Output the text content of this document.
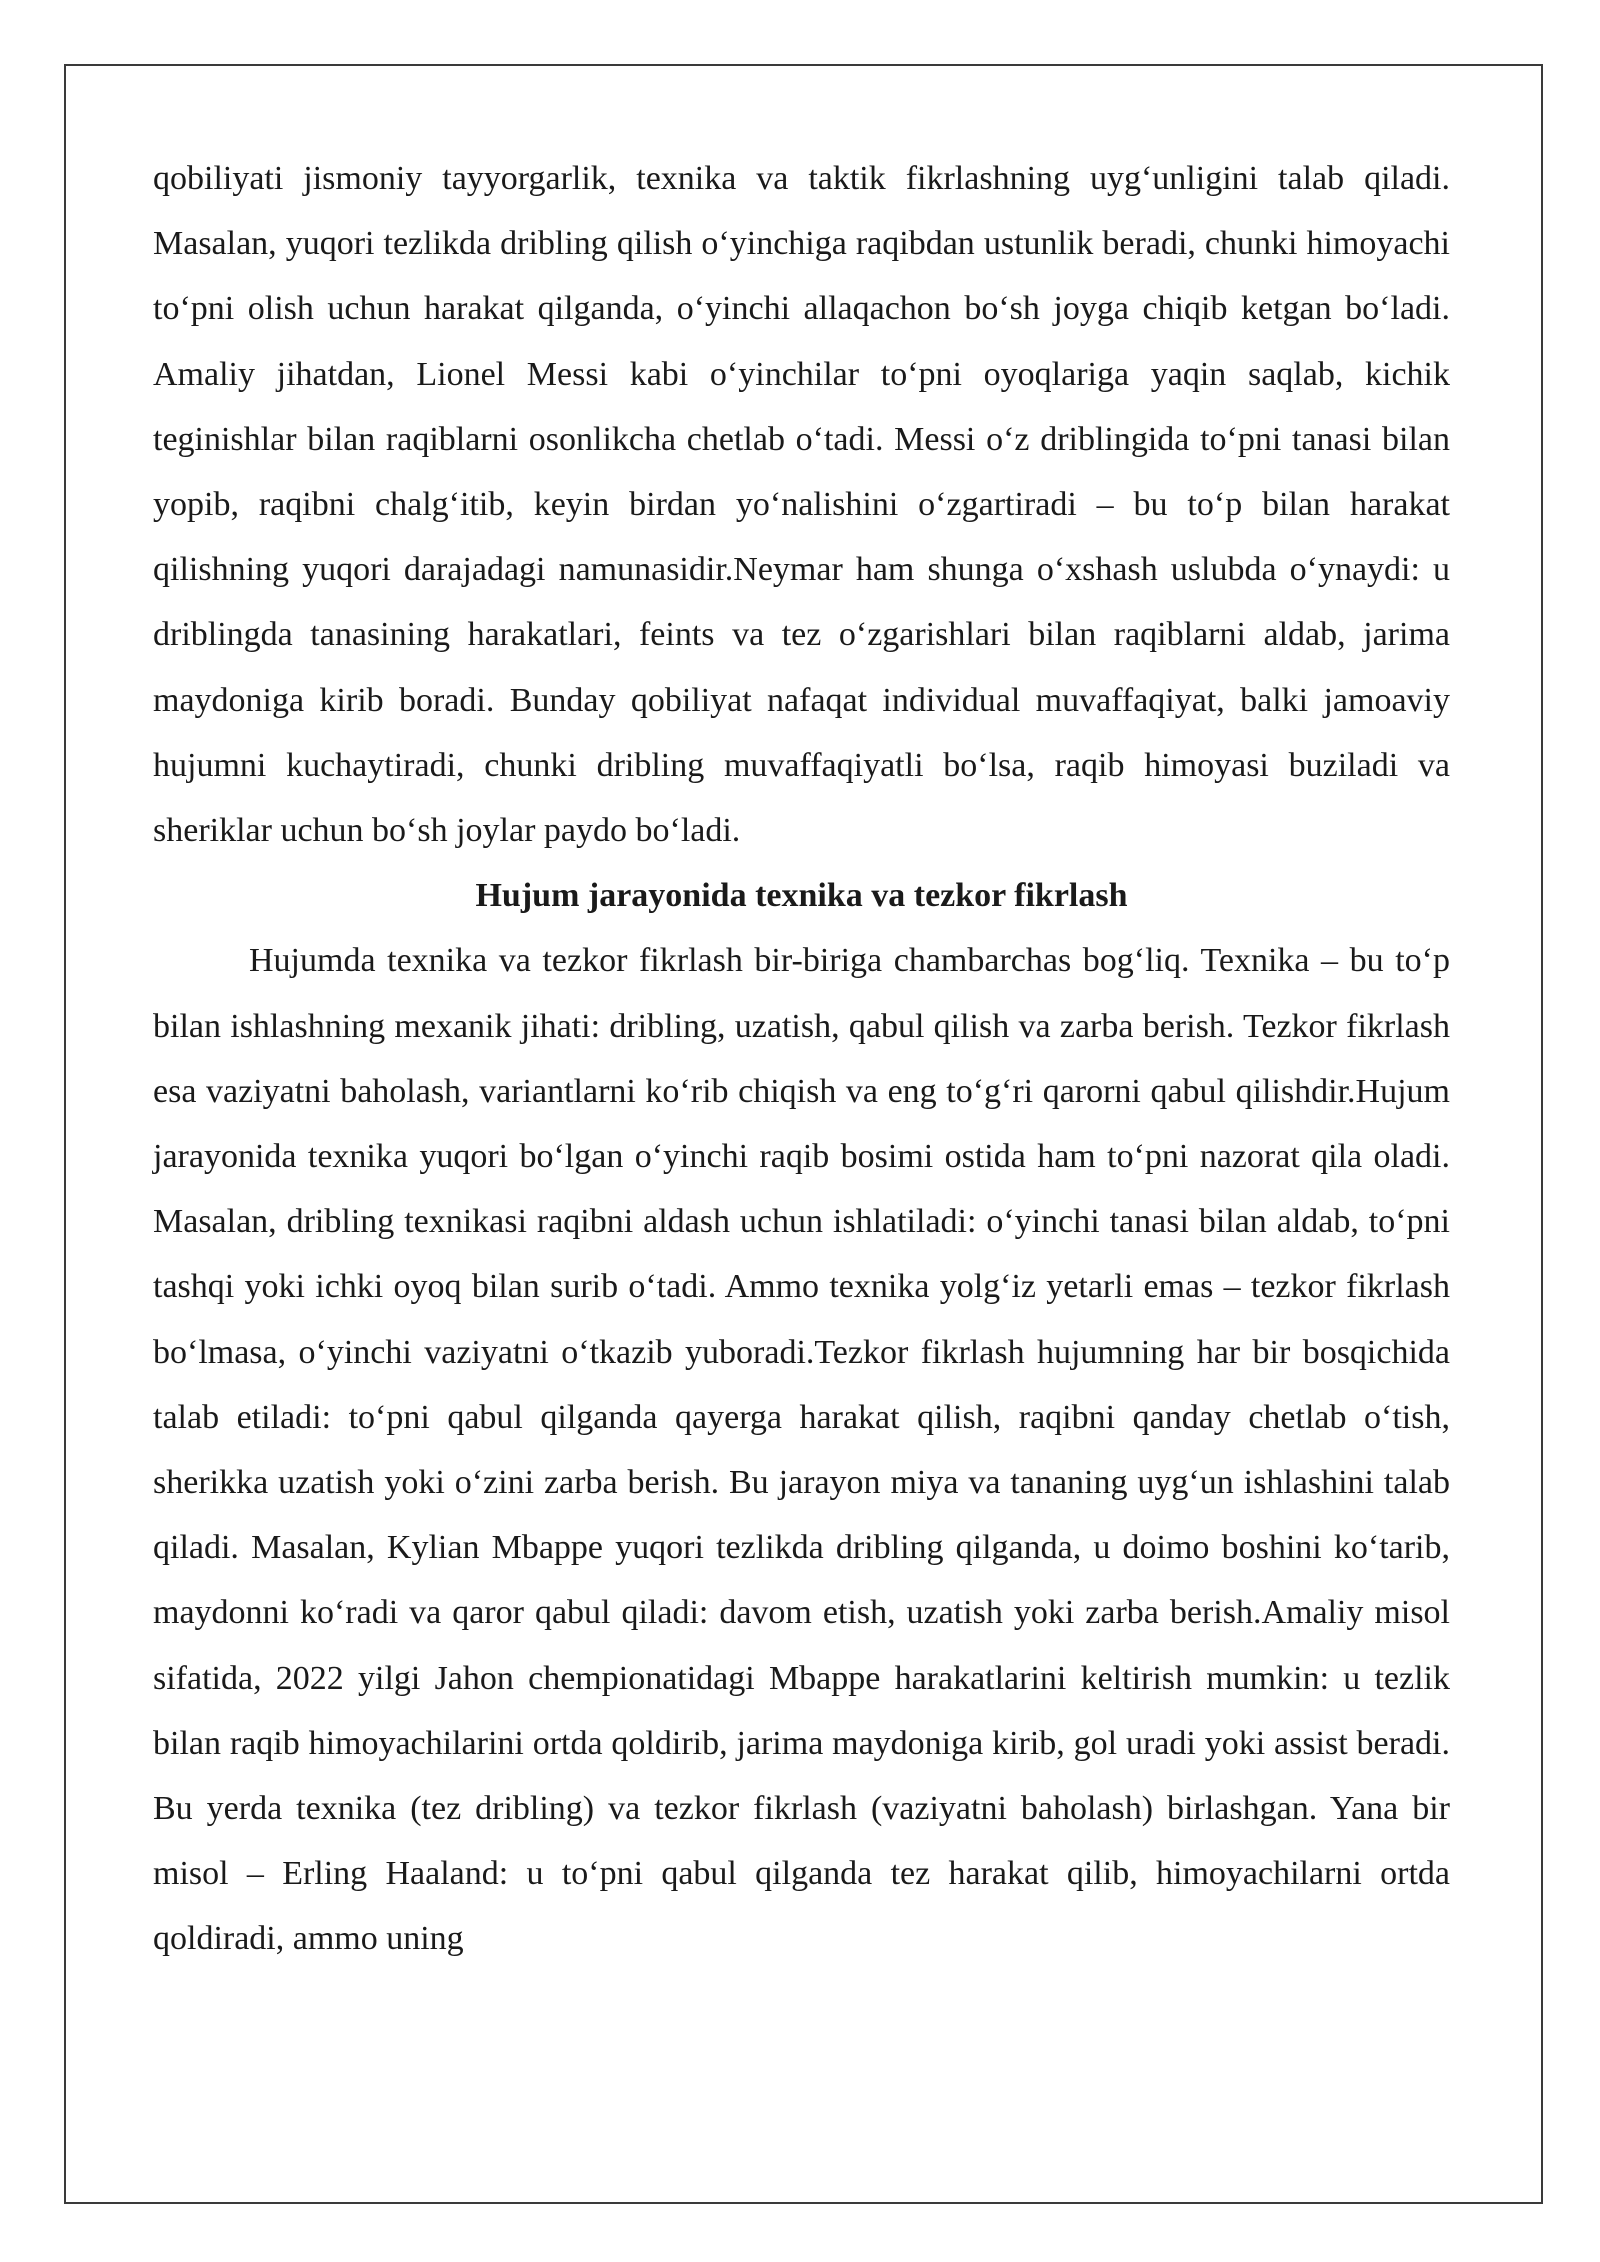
qobiliyati jismoniy tayyorgarlik, texnika va taktik fikrlashning uyg‘unligini talab qiladi. Masalan, yuqori tezlikda dribling qilish o‘yinchiga raqibdan ustunlik beradi, chunki himoyachi to‘pni olish uchun harakat qilganda, o‘yinchi allaqachon bo‘sh joyga chiqib ketgan bo‘ladi. Amaliy jihatdan, Lionel Messi kabi o‘yinchilar to‘pni oyoqlariga yaqin saqlab, kichik teginishlar bilan raqiblarni osonlikcha chetlab o‘tadi. Messi o‘z driblingida to‘pni tanasi bilan yopib, raqibni chalg‘itib, keyin birdan yo‘nalishini o‘zgartiradi – bu to‘p bilan harakat qilishning yuqori darajadagi namunasidir.Neymar ham shunga o‘xshash uslubda o‘ynaydi: u driblingda tanasining harakatlari, feints va tez o‘zgarishlari bilan raqiblarni aldab, jarima maydoniga kirib boradi. Bunday qobiliyat nafaqat individual muvaffaqiyat, balki jamoaviy hujumni kuchaytiradi, chunki dribling muvaffaqiyatli bo‘lsa, raqib himoyasi buziladi va sheriklar uchun bo‘sh joylar paydo bo‘ladi.

Hujum jarayonida texnika va tezkor fikrlash

Hujumda texnika va tezkor fikrlash bir-biriga chambarchas bog‘liq. Texnika – bu to‘p bilan ishlashning mexanik jihati: dribling, uzatish, qabul qilish va zarba berish. Tezkor fikrlash esa vaziyatni baholash, variantlarni ko‘rib chiqish va eng to‘g‘ri qarorni qabul qilishdir.Hujum jarayonida texnika yuqori bo‘lgan o‘yinchi raqib bosimi ostida ham to‘pni nazorat qila oladi. Masalan, dribling texnikasi raqibni aldash uchun ishlatiladi: o‘yinchi tanasi bilan aldab, to‘pni tashqi yoki ichki oyoq bilan surib o‘tadi. Ammo texnika yolg‘iz yetarli emas – tezkor fikrlash bo‘lmasa, o‘yinchi vaziyatni o‘tkazib yuboradi.Tezkor fikrlash hujumning har bir bosqichida talab etiladi: to‘pni qabul qilganda qayerga harakat qilish, raqibni qanday chetlab o‘tish, sherikka uzatish yoki o‘zini zarba berish. Bu jarayon miya va tananing uyg‘un ishlashini talab qiladi. Masalan, Kylian Mbappe yuqori tezlikda dribling qilganda, u doimo boshini ko‘tarib, maydonni ko‘radi va qaror qabul qiladi: davom etish, uzatish yoki zarba berish.Amaliy misol sifatida, 2022 yilgi Jahon chempionatidagi Mbappe harakatlarini keltirish mumkin: u tezlik bilan raqib himoyachilarini ortda qoldirib, jarima maydoniga kirib, gol uradi yoki assist beradi. Bu yerda texnika (tez dribling) va tezkor fikrlash (vaziyatni baholash) birlashgan. Yana bir misol – Erling Haaland: u to‘pni qabul qilganda tez harakat qilib, himoyachilarni ortda qoldiradi, ammo uning
